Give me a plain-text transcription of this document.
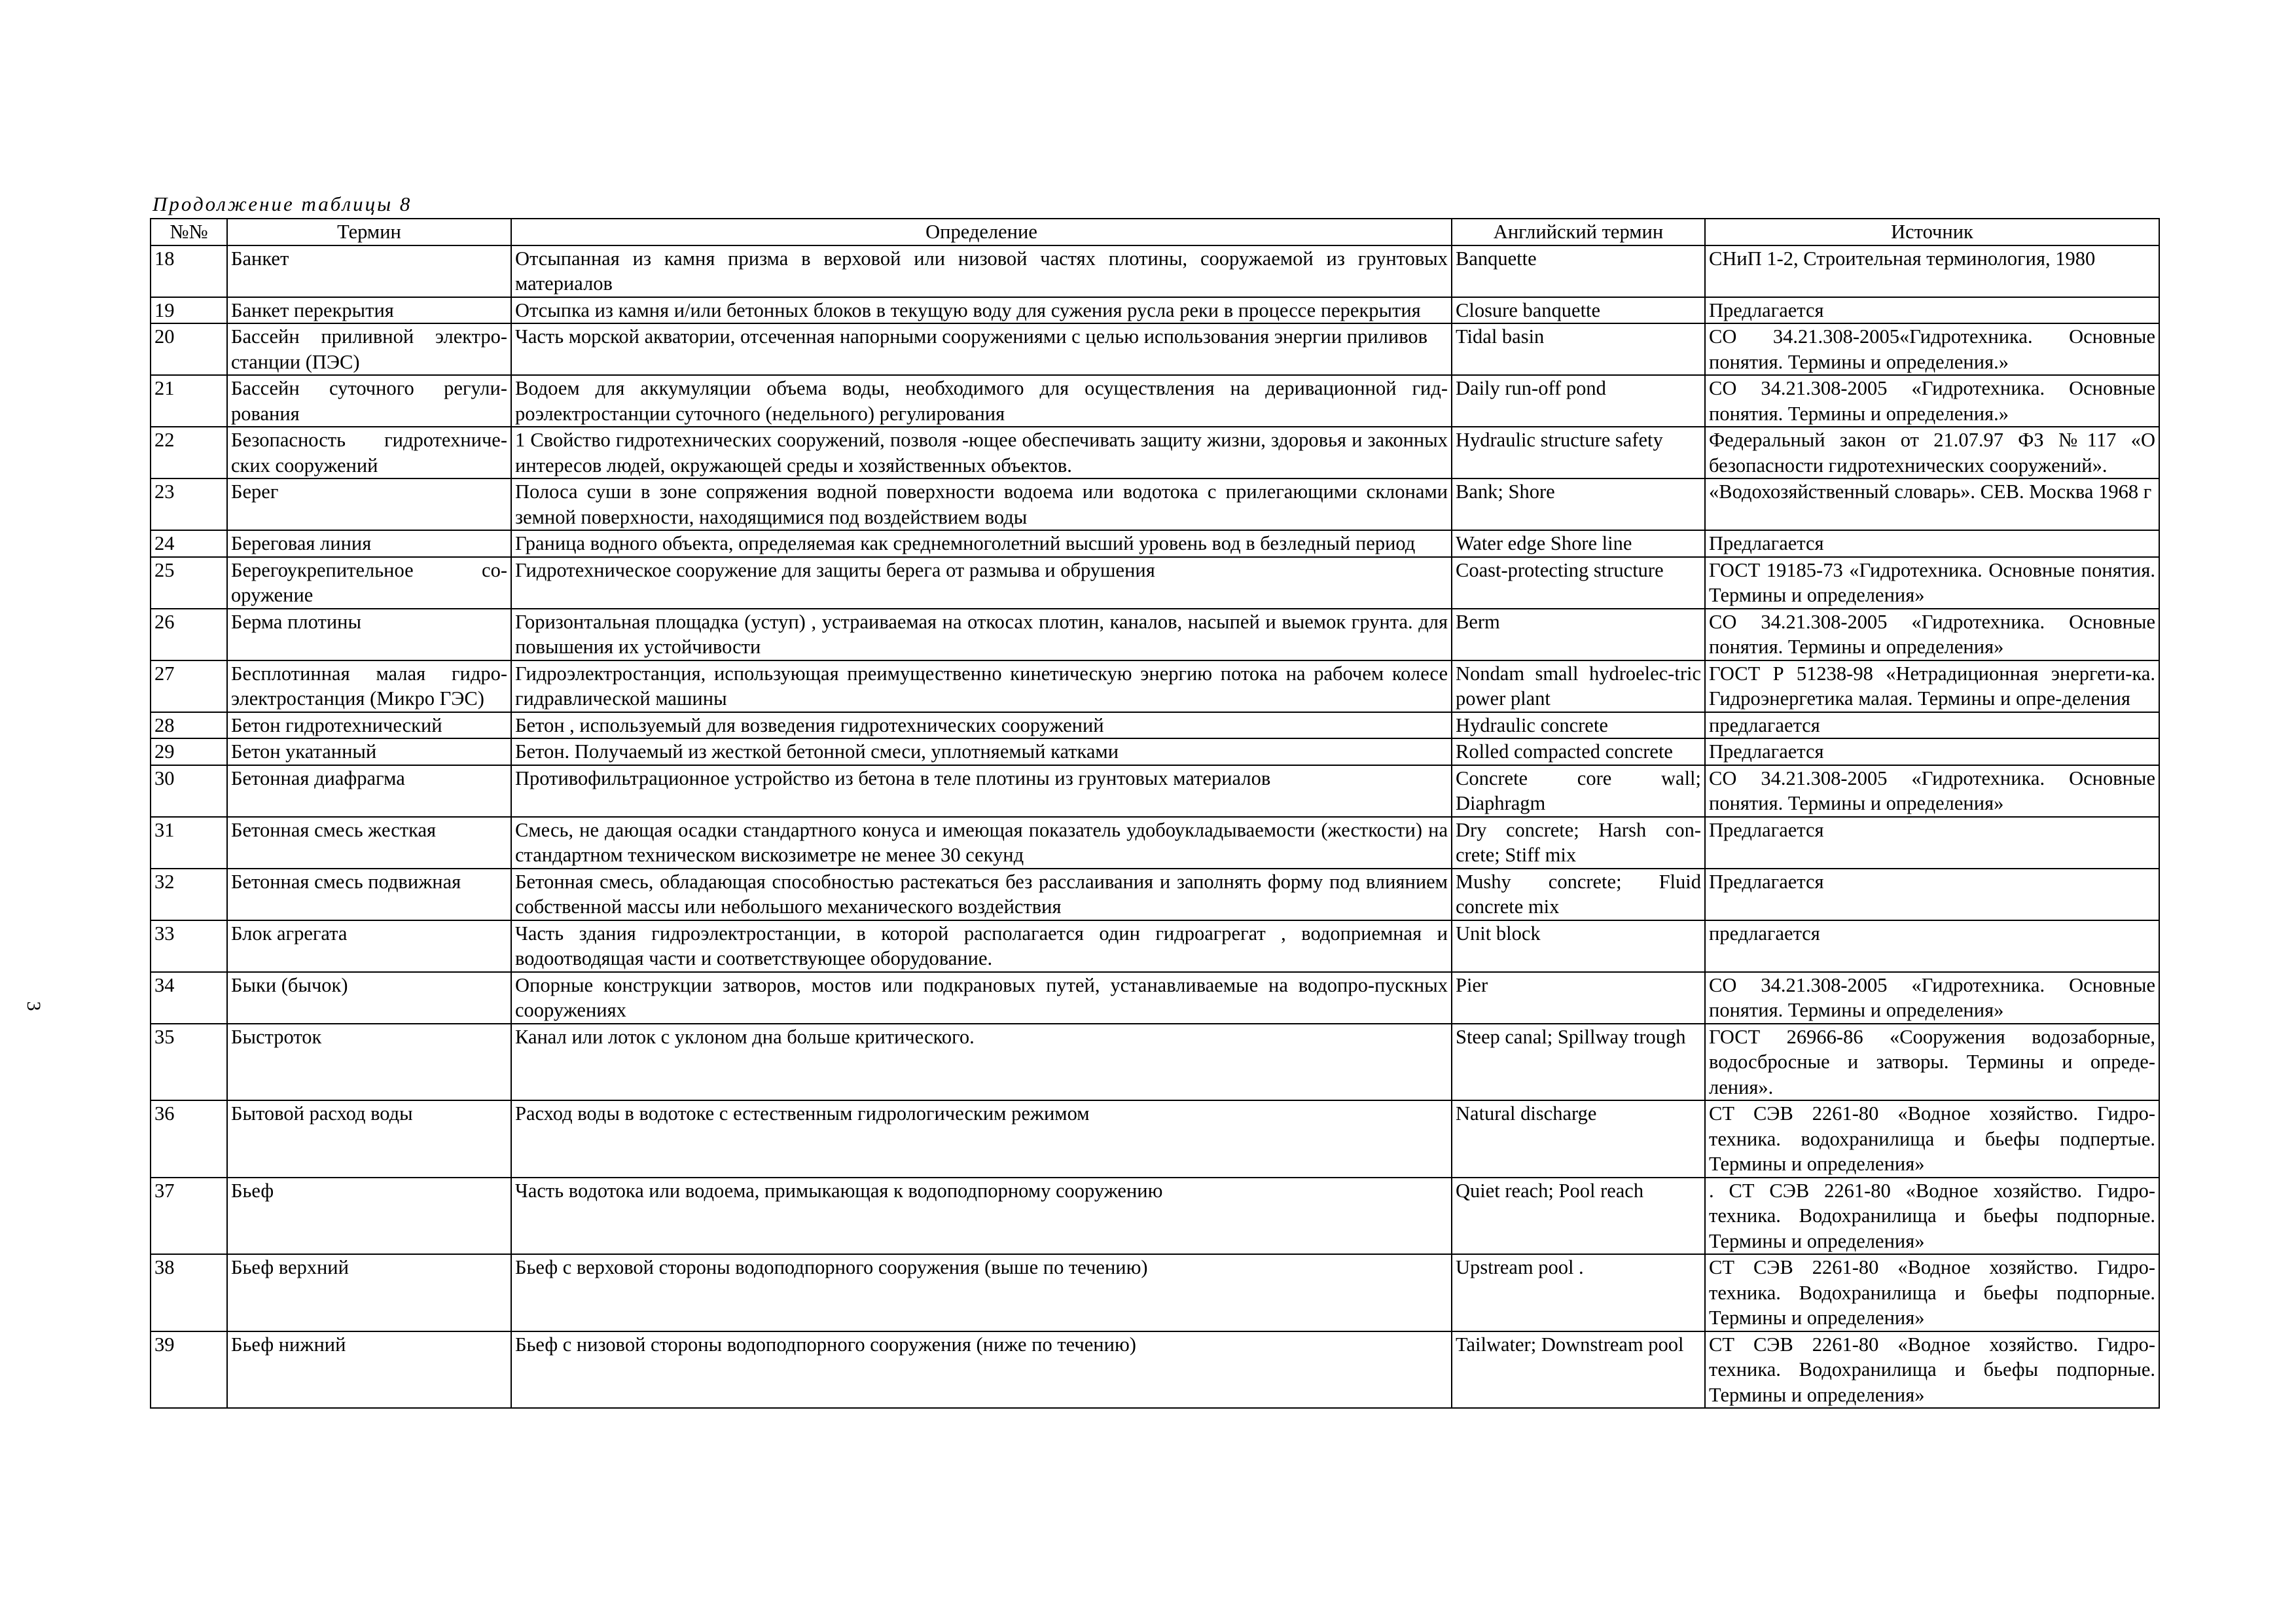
3
Продолжение таблицы 8
№№	Термин	Определение	Английский термин	Источник
18	Банкет	Отсыпанная из камня призма в верховой или низовой частях плотины, сооружаемой из грунтовых материалов	Banquette	СНиП 1-2, Строительная терминология, 1980
19	Банкет перекрытия	Отсыпка из камня и/или бетонных блоков в текущую воду для сужения русла реки в процессе перекрытия	Closure banquette	Предлагается
20	Бассейн приливной электро-станции (ПЭС)	Часть морской акватории, отсеченная напорными сооружениями с целью использования энергии приливов	Tidal basin	СО 34.21.308-2005«Гидротехника. Основные понятия. Термины и определения.»
21	Бассейн суточного регули-рования	Водоем для аккумуляции объема воды, необходимого для осуществления на деривационной гид-роэлектростанции суточного (недельного) регулирования	Daily run-off pond	СО 34.21.308-2005 «Гидротехника. Основные понятия. Термины и определения.»
22	Безопасность гидротехниче-ских сооружений	1 Свойство гидротехнических сооружений, позволя -ющее обеспечивать защиту жизни, здоровья и законных интересов людей, окружающей среды и хозяйственных объектов.	Hydraulic structure safety	Федеральный закон от 21.07.97 ФЗ №117 «О безопасности гидротехнических сооружений».
23	Берег	Полоса суши в зоне сопряжения водной поверхности водоема или водотока с прилегающими склонами земной поверхности, находящимися под воздействием воды	Bank; Shore	«Водохозяйственный словарь». СЕВ. Москва 1968 г
24	Береговая линия	Граница водного объекта, определяемая как среднемноголетний высший уровень вод в безледный период	Water edge Shore line	Предлагается
25	Берегоукрепительное со-оружение	Гидротехническое сооружение для защиты берега от размыва и обрушения	Coast-protecting structure	ГОСТ 19185-73 «Гидротехника. Основные понятия. Термины и определения»
26	Берма плотины	Горизонтальная площадка (уступ) , устраиваемая на откосах плотин, каналов, насыпей и выемок грунта. для повышения их устойчивости	Berm	СО 34.21.308-2005 «Гидротехника. Основные понятия. Термины и определения»
27	Бесплотинная малая гидро-электростанция (Микро ГЭС)	Гидроэлектростанция, использующая преимущественно кинетическую энергию потока на рабочем колесе гидравлической машины	Nondam small hydroelec-tric power plant	ГОСТ Р 51238-98 «Нетрадиционная энергети-ка. Гидроэнергетика малая. Термины и опре-деления
28	Бетон гидротехнический	Бетон , используемый для возведения гидротехнических сооружений	Hydraulic concrete	предлагается
29	Бетон укатанный	Бетон. Получаемый из жесткой бетонной смеси, уплотняемый катками	Rolled compacted concrete	Предлагается
30	Бетонная диафрагма	Противофильтрационное устройство из бетона в теле плотины из грунтовых материалов	Concrete core wall; Diaphragm	СО 34.21.308-2005 «Гидротехника. Основные понятия. Термины и определения»
31	Бетонная смесь жесткая	Смесь, не дающая осадки стандартного конуса и имеющая показатель удобоукладываемости (жесткости) на стандартном техническом вискозиметре не менее 30 секунд	Dry concrete; Harsh con-crete; Stiff mix	Предлагается
32	Бетонная смесь подвижная	Бетонная смесь, обладающая способностью растекаться без расслаивания и заполнять форму под влиянием собственной массы или небольшого механического воздействия	Mushy concrete; Fluid concrete mix	Предлагается
33	Блок агрегата	Часть здания гидроэлектростанции, в которой располагается один гидроагрегат , водоприемная и водоотводящая части и соответствующее оборудование.	Unit block	предлагается
34	Быки (бычок)	Опорные конструкции затворов, мостов или подкрановых путей, устанавливаемые на водопро-пускных сооружениях	Pier	СО 34.21.308-2005 «Гидротехника. Основные понятия. Термины и определения»
35	Быстроток	Канал или лоток с уклоном дна больше критического.	Steep canal; Spillway trough	ГОСТ 26966-86 «Сооружения водозаборные, водосбросные и затворы. Термины и опреде-ления».
36	Бытовой расход воды	Расход воды в водотоке с естественным гидрологическим режимом	Natural discharge	СТ СЭВ 2261-80 «Водное хозяйство. Гидро-техника. водохранилища и бьефы подпертые. Термины и определения»
37	Бьеф	Часть водотока или водоема, примыкающая к водоподпорному сооружению	Quiet reach; Pool reach	. СТ СЭВ 2261-80 «Водное хозяйство. Гидро-техника. Водохранилища и бьефы подпорные. Термины и определения»
38	Бьеф верхний	Бьеф с верховой стороны водоподпорного сооружения (выше по течению)	Upstream pool .	СТ СЭВ 2261-80 «Водное хозяйство. Гидро-техника. Водохранилища и бьефы подпорные. Термины и определения»
39	Бьеф нижний	Бьеф с низовой стороны водоподпорного сооружения (ниже по течению)	Tailwater; Downstream pool	СТ СЭВ 2261-80 «Водное хозяйство. Гидро-техника. Водохранилища и бьефы подпорные. Термины и определения»
